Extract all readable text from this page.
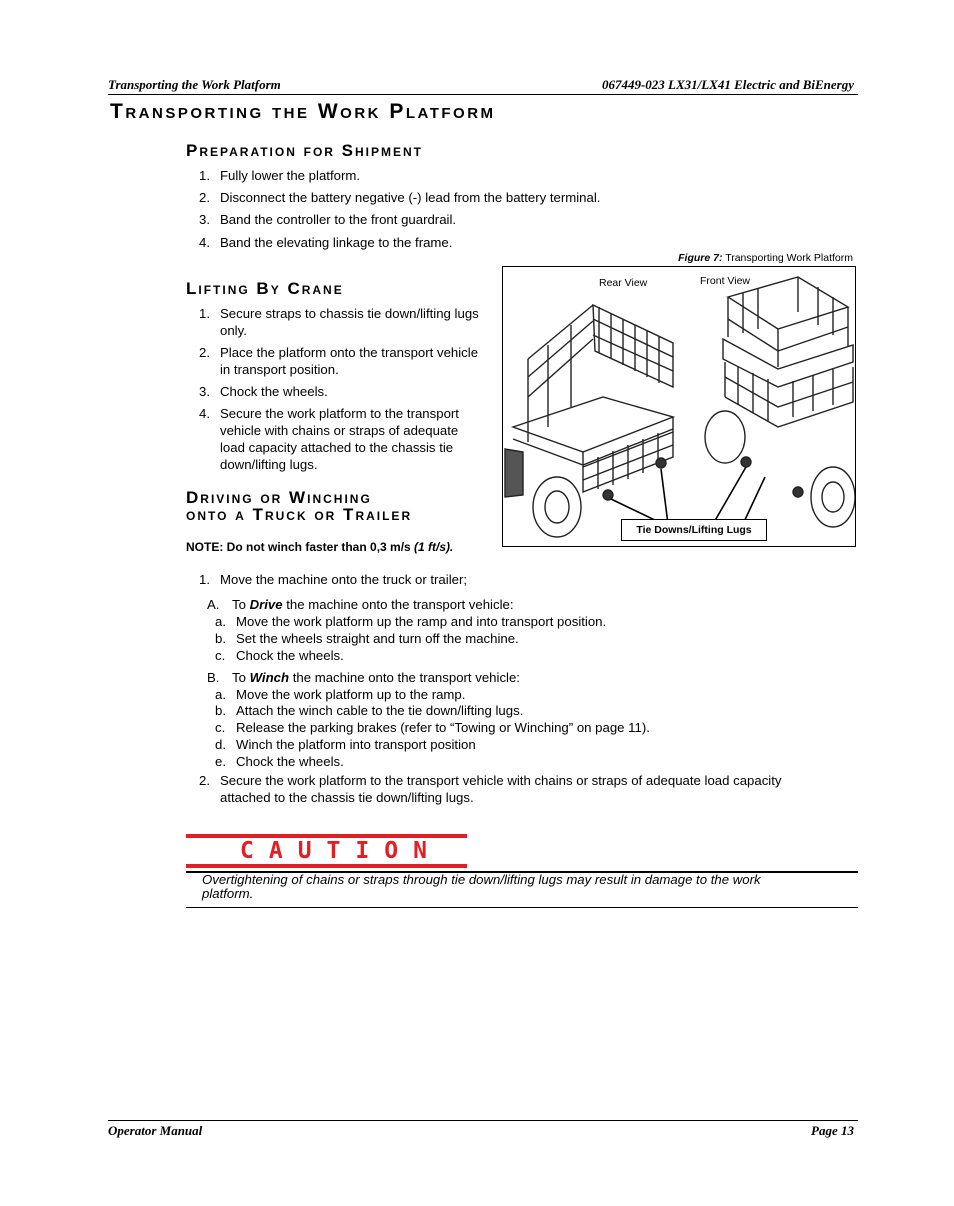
Transporting the Work Platform	067449-023 LX31/LX41 Electric and BiEnergy
Transporting the Work Platform
Preparation for Shipment
1. Fully lower the platform.
2. Disconnect the battery negative (-) lead from the battery terminal.
3. Band the controller to the front guardrail.
4. Band the elevating linkage to the frame.
Lifting By Crane
1. Secure straps to chassis tie down/lifting lugs
only.
2. Place the platform onto the transport vehicle
in transport position.
3. Chock the wheels.
4. Secure the work platform to the transport
vehicle with chains or straps of adequate
load capacity attached to the chassis tie
down/lifting lugs.
Figure 7: Transporting Work Platform
Rear View	Front View
Tie Downs/Lifting Lugs
Driving or Winching
onto a Truck or Trailer
NOTE: Do not winch faster than 0,3 m/s (1 ft/s).
1. Move the machine onto the truck or trailer;
A. To Drive the machine onto the transport vehicle:
a. Move the work platform up the ramp and into transport position.
b. Set the wheels straight and turn off the machine.
c. Chock the wheels.
B. To Winch the machine onto the transport vehicle:
a. Move the work platform up to the ramp.
b. Attach the winch cable to the tie down/lifting lugs.
c. Release the parking brakes (refer to “Towing or Winching” on page 11).
d. Winch the platform into transport position
e. Chock the wheels.
2. Secure the work platform to the transport vehicle with chains or straps of adequate load capacity
attached to the chassis tie down/lifting lugs.
CAUTION
Overtightening of chains or straps through tie down/lifting lugs may result in damage to the work
platform.
Operator Manual	Page 13
